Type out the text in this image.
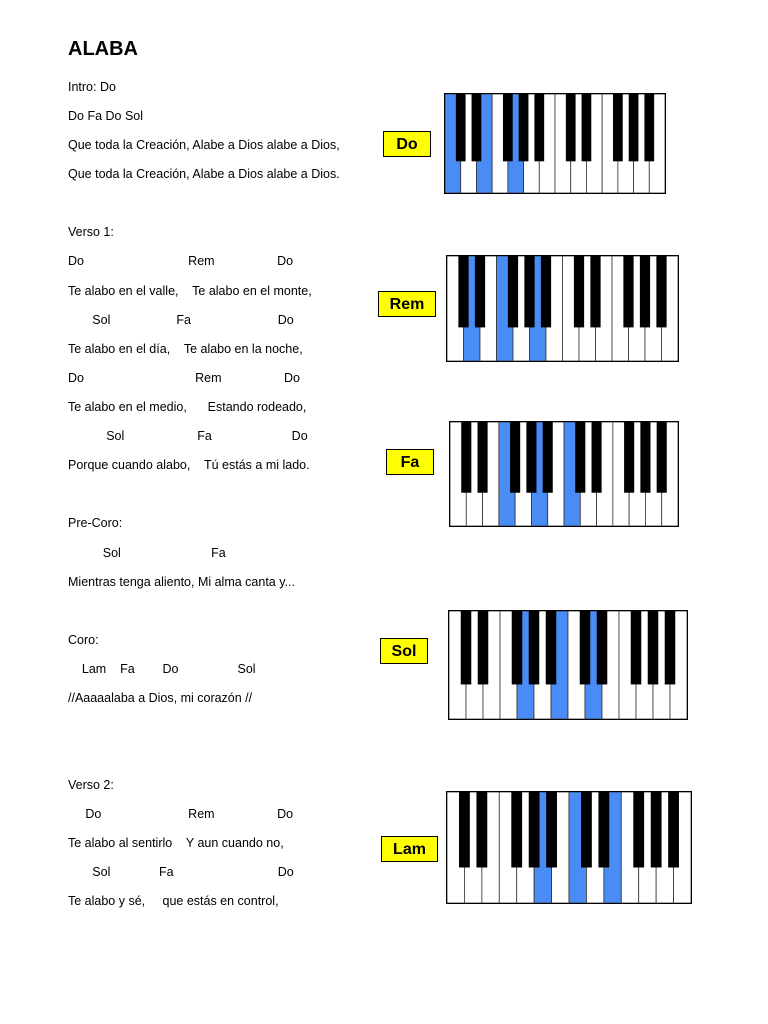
ALABA
Intro: Do
Do Fa Do Sol
Que toda la Creación, Alabe a Dios alabe a Dios,
Que toda la Creación, Alabe a Dios alabe a Dios.
Verso 1:
Do                              Rem                  Do
Te alabo en el valle,    Te alabo en el monte,
Sol                   Fa                         Do
Te alabo en el día,    Te alabo en la noche,
Do                                Rem                  Do
Te alabo en el medio,      Estando rodeado,
Sol                     Fa                       Do
Porque cuando alabo,    Tú estás a mi lado.
Pre-Coro:
Sol                          Fa
Mientras tenga aliento, Mi alma canta y...
Coro:
Lam    Fa        Do                 Sol
//Aaaaalaba a Dios, mi corazón //
Verso 2:
Do                         Rem                  Do
Te alabo al sentirlo    Y aun cuando no,
Sol              Fa                              Do
Te alabo y sé,     que estás en control,
Do
Rem
Fa
Sol
Lam
